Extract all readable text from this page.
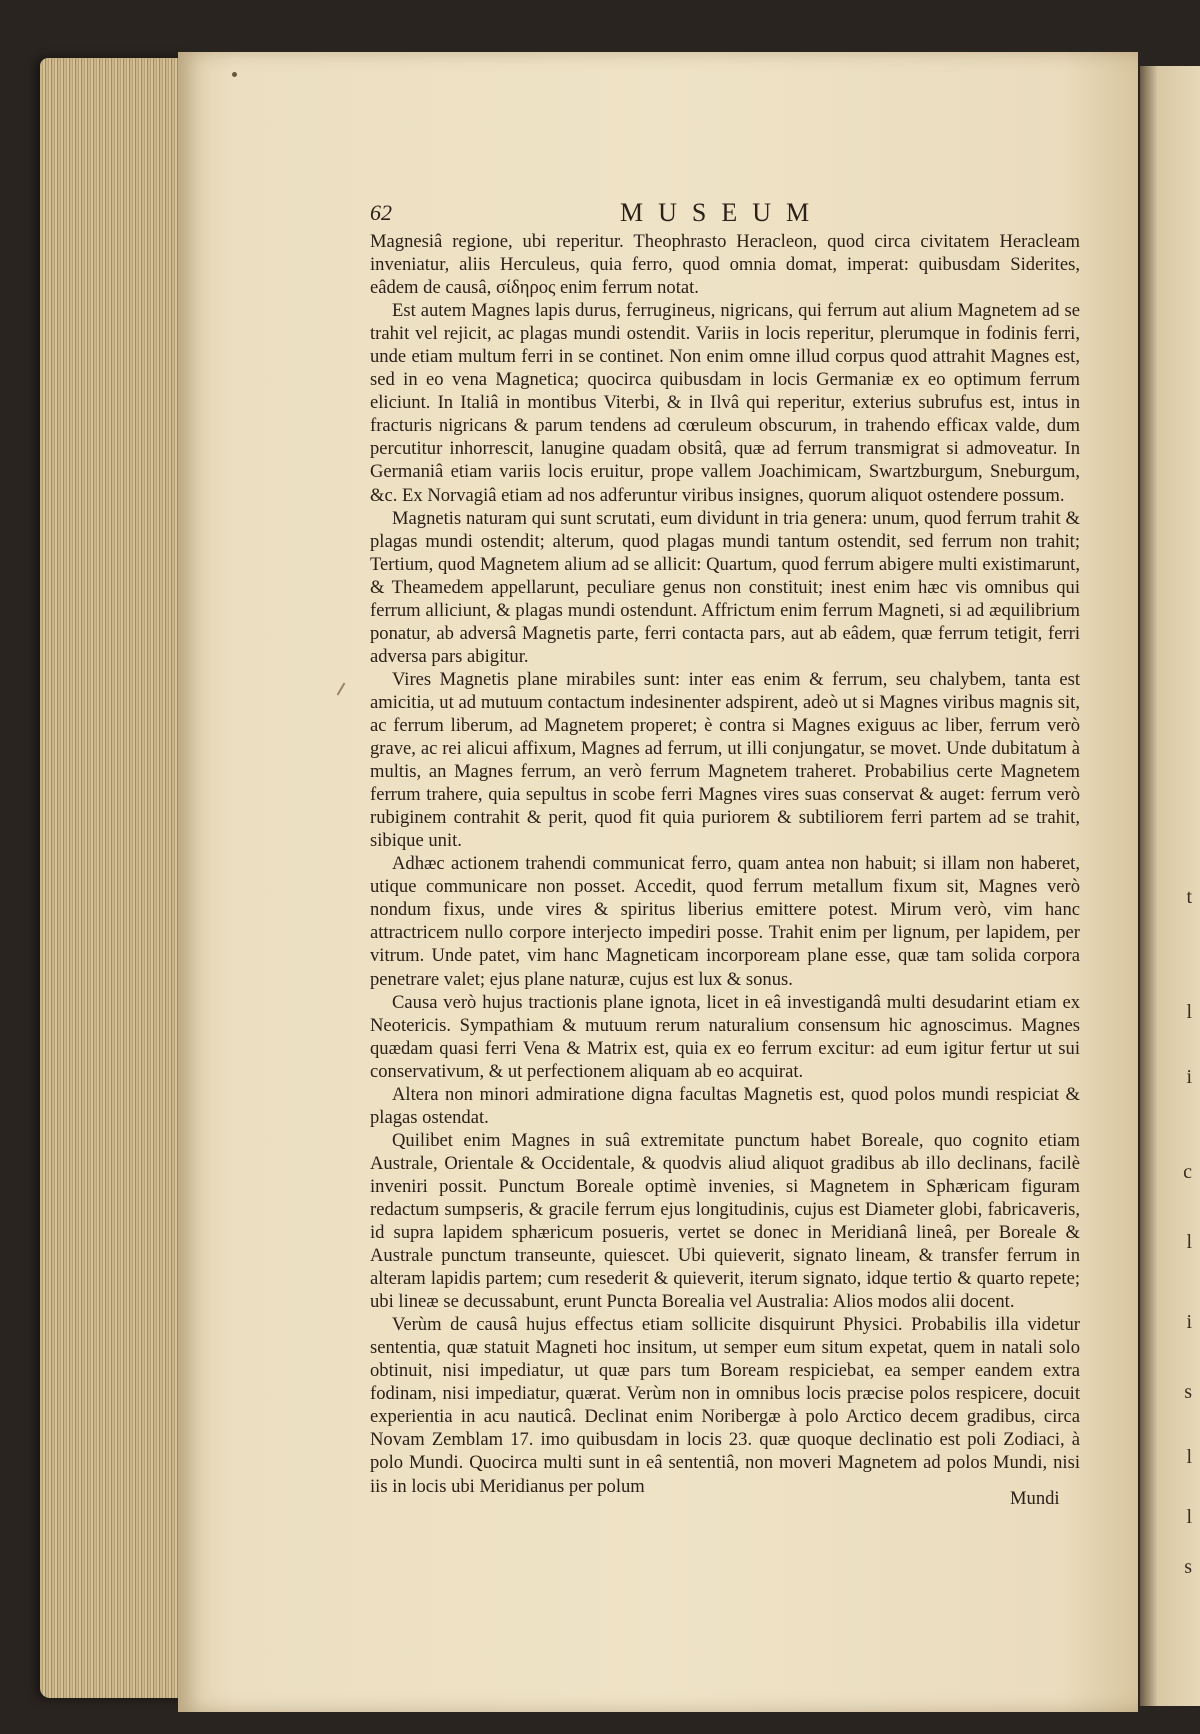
t
l
i
c
l
i
s
l
l
s
62	MUSEUM

Magnesiâ regione, ubi reperitur. Theophrasto Heracleon, quod circa civitatem Heracleam inveniatur, aliis Herculeus, quia ferro, quod omnia domat, imperat: quibusdam Siderites, eâdem de causâ, σίδηρος enim ferrum notat.

Est autem Magnes lapis durus, ferrugineus, nigricans, qui ferrum aut alium Magnetem ad se trahit vel rejicit, ac plagas mundi ostendit. Variis in locis reperitur, plerumque in fodinis ferri, unde etiam multum ferri in se continet. Non enim omne illud corpus quod attrahit Magnes est, sed in eo vena Magnetica; quocirca quibusdam in locis Germaniæ ex eo optimum ferrum eliciunt. In Italiâ in montibus Viterbi, & in Ilvâ qui reperitur, exterius subrufus est, intus in fracturis nigricans & parum tendens ad cœruleum obscurum, in trahendo efficax valde, dum percutitur inhorrescit, lanugine quadam obsitâ, quæ ad ferrum transmigrat si admoveatur. In Germaniâ etiam variis locis eruitur, prope vallem Joachimicam, Swartzburgum, Sneburgum, &c. Ex Norvagiâ etiam ad nos adferuntur viribus insignes, quorum aliquot ostendere possum.

Magnetis naturam qui sunt scrutati, eum dividunt in tria genera: unum, quod ferrum trahit & plagas mundi ostendit; alterum, quod plagas mundi tantum ostendit, sed ferrum non trahit; Tertium, quod Magnetem alium ad se allicit: Quartum, quod ferrum abigere multi existimarunt, & Theamedem appellarunt, peculiare genus non constituit; inest enim hæc vis omnibus qui ferrum alliciunt, & plagas mundi ostendunt. Affrictum enim ferrum Magneti, si ad æquilibrium ponatur, ab adversâ Magnetis parte, ferri contacta pars, aut ab eâdem, quæ ferrum tetigit, ferri adversa pars abigitur.

Vires Magnetis plane mirabiles sunt: inter eas enim & ferrum, seu chalybem, tanta est amicitia, ut ad mutuum contactum indesinenter adspirent, adeò ut si Magnes viribus magnis sit, ac ferrum liberum, ad Magnetem properet; è contra si Magnes exiguus ac liber, ferrum verò grave, ac rei alicui affixum, Magnes ad ferrum, ut illi conjungatur, se movet. Unde dubitatum à multis, an Magnes ferrum, an verò ferrum Magnetem traheret. Probabilius certe Magnetem ferrum trahere, quia sepultus in scobe ferri Magnes vires suas conservat & auget: ferrum verò rubiginem contrahit & perit, quod fit quia puriorem & subtiliorem ferri partem ad se trahit, sibique unit.

Adhæc actionem trahendi communicat ferro, quam antea non habuit; si illam non haberet, utique communicare non posset. Accedit, quod ferrum metallum fixum sit, Magnes verò nondum fixus, unde vires & spiritus liberius emittere potest. Mirum verò, vim hanc attractricem nullo corpore interjecto impediri posse. Trahit enim per lignum, per lapidem, per vitrum. Unde patet, vim hanc Magneticam incorpoream plane esse, quæ tam solida corpora penetrare valet; ejus plane naturæ, cujus est lux & sonus.

Causa verò hujus tractionis plane ignota, licet in eâ investigandâ multi desudarint etiam ex Neotericis. Sympathiam & mutuum rerum naturalium consensum hic agnoscimus. Magnes quædam quasi ferri Vena & Matrix est, quia ex eo ferrum excitur: ad eum igitur fertur ut sui conservativum, & ut perfectionem aliquam ab eo acquirat.

Altera non minori admiratione digna facultas Magnetis est, quod polos mundi respiciat & plagas ostendat.

Quilibet enim Magnes in suâ extremitate punctum habet Boreale, quo cognito etiam Australe, Orientale & Occidentale, & quodvis aliud aliquot gradibus ab illo declinans, facilè inveniri possit. Punctum Boreale optimè invenies, si Magnetem in Sphæricam figuram redactum sumpseris, & gracile ferrum ejus longitudinis, cujus est Diameter globi, fabricaveris, id supra lapidem sphæricum posueris, vertet se donec in Meridianâ lineâ, per Boreale & Australe punctum transeunte, quiescet. Ubi quieverit, signato lineam, & transfer ferrum in alteram lapidis partem; cum resederit & quieverit, iterum signato, idque tertio & quarto repete; ubi lineæ se decussabunt, erunt Puncta Borealia vel Australia: Alios modos alii docent.

Verùm de causâ hujus effectus etiam sollicite disquirunt Physici. Probabilis illa videtur sententia, quæ statuit Magneti hoc insitum, ut semper eum situm expetat, quem in natali solo obtinuit, nisi impediatur, ut quæ pars tum Boream respiciebat, ea semper eandem extra fodinam, nisi impediatur, quærat. Verùm non in omnibus locis præcise polos respicere, docuit experientia in acu nauticâ. Declinat enim Noribergæ à polo Arctico decem gradibus, circa Novam Zemblam 17. imo quibusdam in locis 23. quæ quoque declinatio est poli Zodiaci, à polo Mundi. Quocirca multi sunt in eâ sententiâ, non moveri Magnetem ad polos Mundi, nisi iis in locis ubi Meridianus per polum

Mundi
